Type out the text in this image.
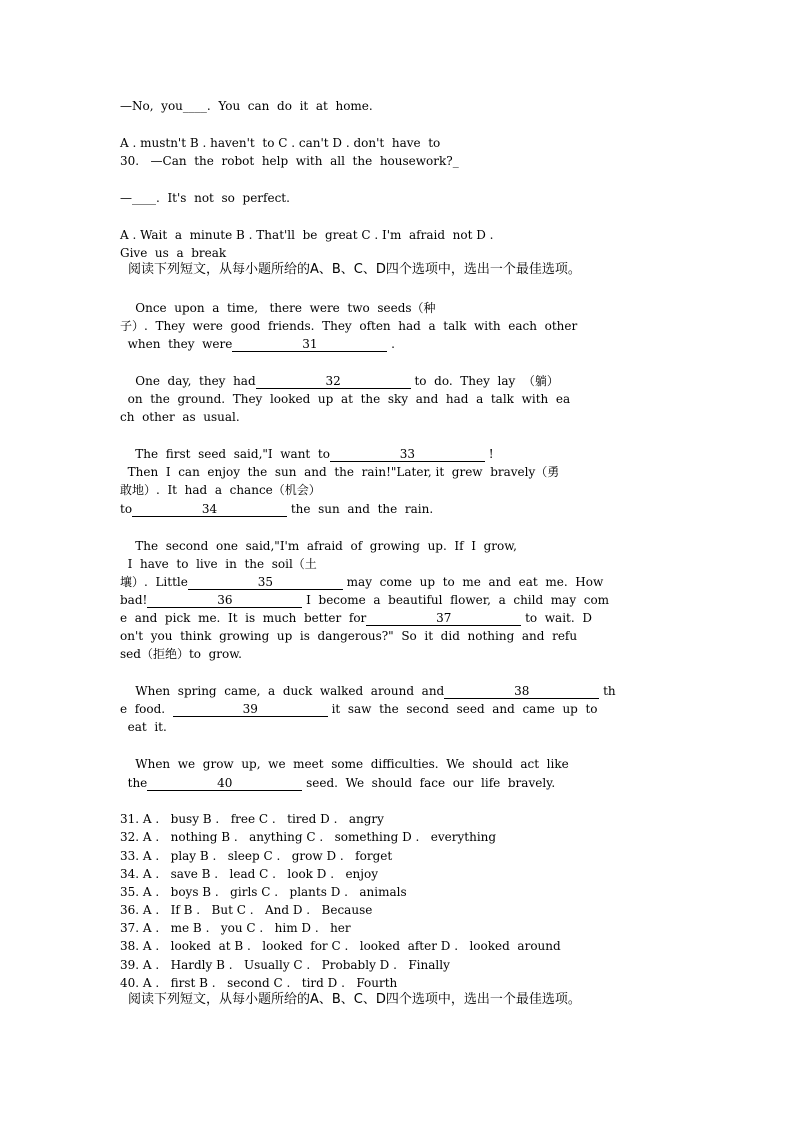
—No,  you____.  You  can  do  it  at  home.
A . mustn't B . haven't  to C . can't D . don't  have  to
30.   —Can  the  robot  help  with  all  the  housework?_
—____.  It's  not  so  perfect.
A . Wait  a  minute B . That'll  be  great C . I'm  afraid  not D .
Give  us  a  break
阅读下列短文，从每小题所给的A、B、C、D四个选项中，选出一个最佳选项。
Once  upon  a  time,   there  were  two  seeds（种
子）.  They  were  good  friends.  They  often  had  a  talk  with  each  other
when  they  were	31	.
One  day,  they  had	32	to  do.  They  lay  （躺）
on  the  ground.  They  looked  up  at  the  sky  and  had  a  talk  with  ea
ch  other  as  usual.
The  first  seed  said,"I  want  to	33	!
Then  I  can  enjoy  the  sun  and  the  rain!"Later, it  grew  bravely（勇
敢地）.  It  had  a  chance（机会）
to	34	the  sun  and  the  rain.
The  second  one  said,"I'm  afraid  of  growing  up.  If  I  grow,
I  have  to  live  in  the  soil（土
壤）.  Little	35	may  come  up  to  me  and  eat  me.  How
bad!	36	I  become  a  beautiful  flower,  a  child  may  com
e  and  pick  me.  It  is  much  better  for	37	to  wait.  D
on't  you  think  growing  up  is  dangerous?"  So  it  did  nothing  and  refu
sed（拒绝）to  grow.
When  spring  came,  a  duck  walked  around  and	38	th
e  food.	39	it  saw  the  second  seed  and  came  up  to
eat  it.
When  we  grow  up,  we  meet  some  difficulties.  We  should  act  like
the	40	seed.  We  should  face  our  life  bravely.
31. A .   busy B .   free C .   tired D .   angry
32. A .   nothing B .   anything C .   something D .   everything
33. A .   play B .   sleep C .   grow D .   forget
34. A .   save B .   lead C .   look D .   enjoy
35. A .   boys B .   girls C .   plants D .   animals
36. A .   If B .   But C .   And D .   Because
37. A .   me B .   you C .   him D .   her
38. A .   looked  at B .   looked  for C .   looked  after D .   looked  around
39. A .   Hardly B .   Usually C .   Probably D .   Finally
40. A .   first B .   second C .   tird D .   Fourth
阅读下列短文，从每小题所给的A、B、C、D四个选项中，选出一个最佳选项。
